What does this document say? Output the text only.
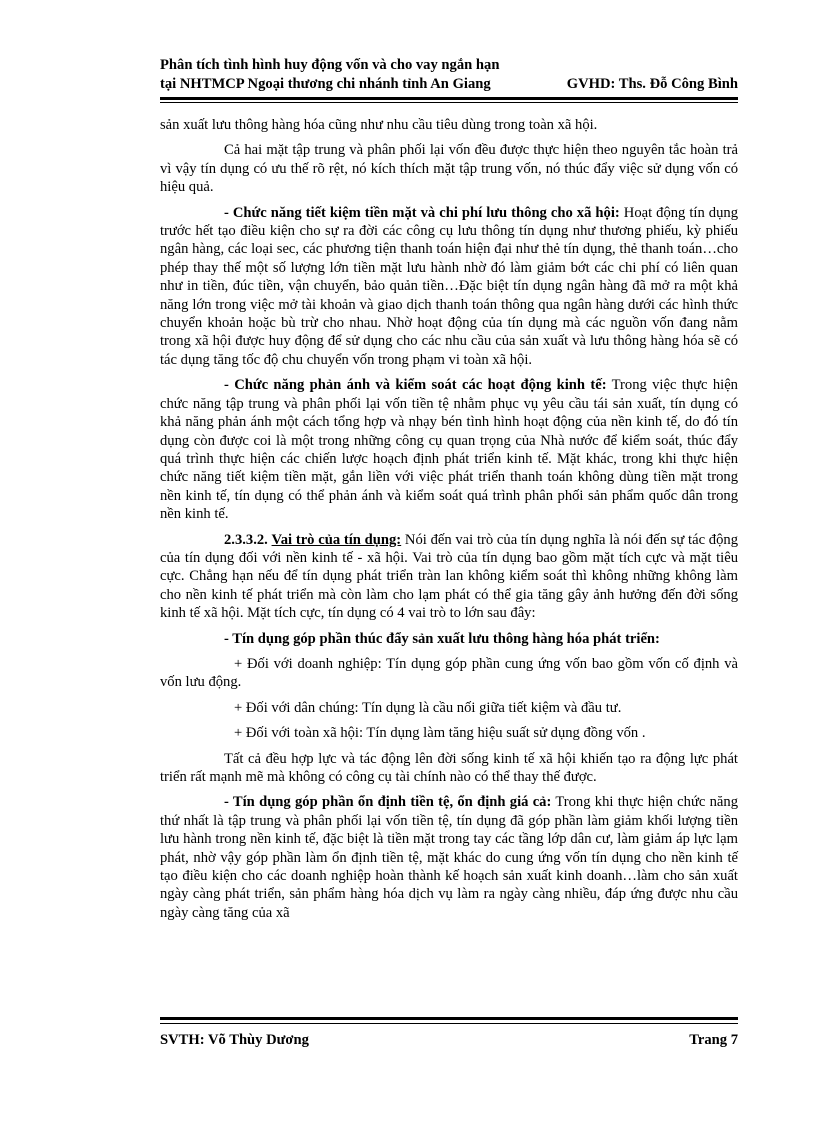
Phân tích tình hình huy động vốn và cho vay ngắn hạn
tại NHTMCP Ngoại thương chi nhánh tỉnh An Giang	GVHD: Ths. Đỗ Công Bình

sản xuất lưu thông hàng hóa cũng như nhu cầu tiêu dùng trong toàn xã hội.

Cả hai mặt tập trung và phân phối lại vốn đều được thực hiện theo nguyên tắc hoàn trả vì vậy tín dụng có ưu thế rõ rệt, nó kích thích mặt tập trung vốn, nó thúc đẩy việc sử dụng vốn có hiệu quả.

- Chức năng tiết kiệm tiền mặt và chi phí lưu thông cho xã hội: Hoạt động tín dụng trước hết tạo điều kiện cho sự ra đời các công cụ lưu thông tín dụng như thương phiếu, kỳ phiếu ngân hàng, các loại sec, các phương tiện thanh toán hiện đại như thẻ tín dụng, thẻ thanh toán…cho phép thay thế một số lượng lớn tiền mặt lưu hành nhờ đó làm giảm bớt các chi phí có liên quan như in tiền, đúc tiền, vận chuyển, bảo quản tiền…Đặc biệt tín dụng ngân hàng đã mở ra một khả năng lớn trong việc mở tài khoản và giao dịch thanh toán thông qua ngân hàng dưới các hình thức chuyển khoản hoặc bù trừ cho nhau. Nhờ hoạt động của tín dụng mà các nguồn vốn đang nằm trong xã hội được huy động để sử dụng cho các nhu cầu của sản xuất và lưu thông hàng hóa sẽ có tác dụng tăng tốc độ chu chuyển vốn trong phạm vi toàn xã hội.

- Chức năng phản ánh và kiểm soát các hoạt động kinh tế: Trong việc thực hiện chức năng tập trung và phân phối lại vốn tiền tệ nhằm phục vụ yêu cầu tái sản xuất, tín dụng có khả năng phản ánh một cách tổng hợp và nhạy bén tình hình hoạt động của nền kinh tế, do đó tín dụng còn được coi là một trong những công cụ quan trọng của Nhà nước để kiểm soát, thúc đẩy quá trình thực hiện các chiến lược hoạch định phát triển kinh tế. Mặt khác, trong khi thực hiện chức năng tiết kiệm tiền mặt, gắn liền với việc phát triển thanh toán không dùng tiền mặt trong nền kinh tế, tín dụng có thể phản ánh và kiểm soát quá trình phân phối sản phẩm quốc dân trong nền kinh tế.

2.3.3.2. Vai trò của tín dụng: Nói đến vai trò của tín dụng nghĩa là nói đến sự tác động của tín dụng đối với nền kinh tế - xã hội. Vai trò của tín dụng bao gồm mặt tích cực và mặt tiêu cực. Chẳng hạn nếu để tín dụng phát triển tràn lan không kiểm soát thì không những không làm cho nền kinh tế phát triển mà còn làm cho lạm phát có thể gia tăng gây ảnh hưởng đến đời sống kinh tế xã hội. Mặt tích cực, tín dụng có 4 vai trò to lớn sau đây:

- Tín dụng góp phần thúc đẩy sản xuất lưu thông hàng hóa phát triển:

+ Đối với doanh nghiệp: Tín dụng góp phần cung ứng vốn bao gồm vốn cố định và vốn lưu động.

+ Đối với dân chúng: Tín dụng là cầu nối giữa tiết kiệm và đầu tư.

+ Đối với toàn xã hội: Tín dụng làm tăng hiệu suất sử dụng đồng vốn .

Tất cả đều hợp lực và tác động lên đời sống kinh tế xã hội khiến tạo ra động lực phát triển rất mạnh mẽ mà không có công cụ tài chính nào có thể thay thế được.

- Tín dụng góp phần ổn định tiền tệ, ổn định giá cả: Trong khi thực hiện chức năng thứ nhất là tập trung và phân phối lại vốn tiền tệ, tín dụng đã góp phần làm giảm khối lượng tiền lưu hành trong nền kinh tế, đặc biệt là tiền mặt trong tay các tầng lớp dân cư, làm giảm áp lực lạm phát, nhờ vậy góp phần làm ổn định tiền tệ, mặt khác do cung ứng vốn tín dụng cho nền kinh tế tạo điều kiện cho các doanh nghiệp hoàn thành kế hoạch sản xuất kinh doanh…làm cho sản xuất ngày càng phát triển, sản phẩm hàng hóa dịch vụ làm ra ngày càng nhiều, đáp ứng được nhu cầu ngày càng tăng của xã

SVTH: Võ Thùy Dương	Trang 7
